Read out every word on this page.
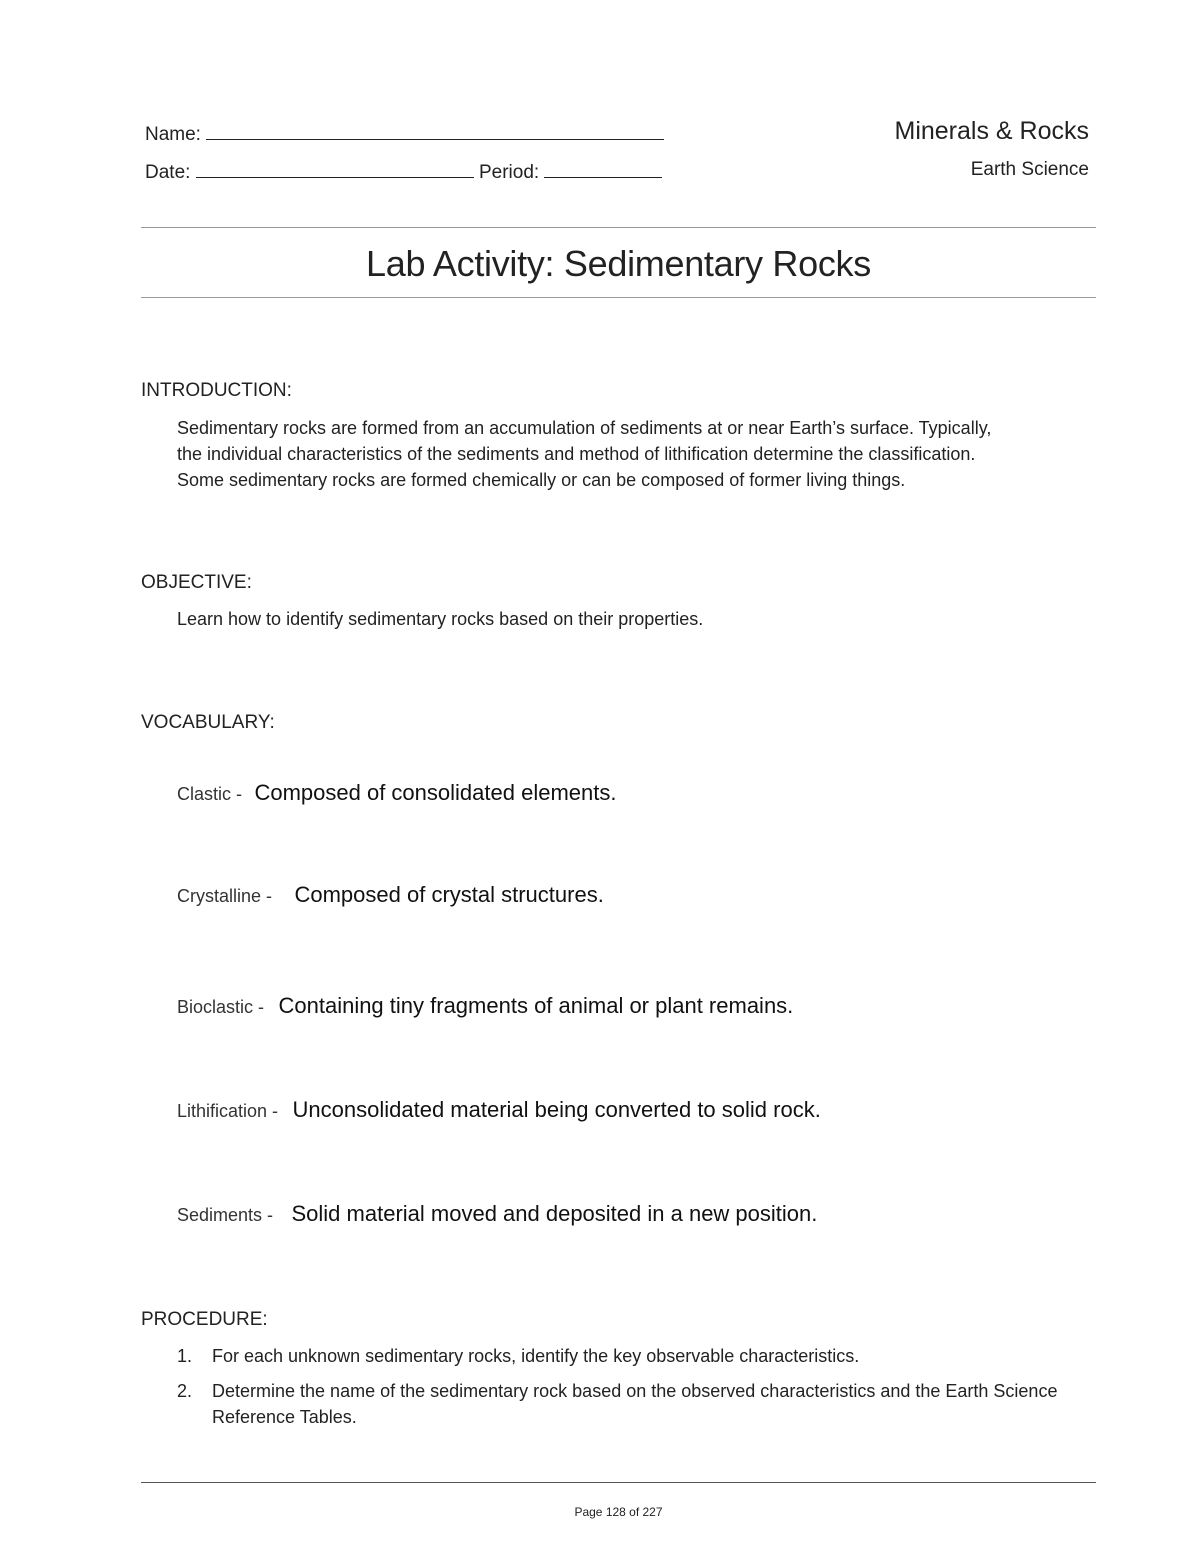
Name:
Date:	Period:
Minerals & Rocks
Earth Science
Lab Activity: Sedimentary Rocks
INTRODUCTION:
Sedimentary rocks are formed from an accumulation of sediments at or near Earth’s surface. Typically,
the individual characteristics of the sediments and method of lithification determine the classification.
Some sedimentary rocks are formed chemically or can be composed of former living things.
OBJECTIVE:
Learn how to identify sedimentary rocks based on their properties.
VOCABULARY:
Clastic - Composed of consolidated elements.
Crystalline - Composed of crystal structures.
Bioclastic - Containing tiny fragments of animal or plant remains.
Lithification - Unconsolidated material being converted to solid rock.
Sediments - Solid material moved and deposited in a new position.
PROCEDURE:
1. For each unknown sedimentary rocks, identify the key observable characteristics.
2. Determine the name of the sedimentary rock based on the observed characteristics and the Earth Science Reference Tables.
Page 128 of 227
